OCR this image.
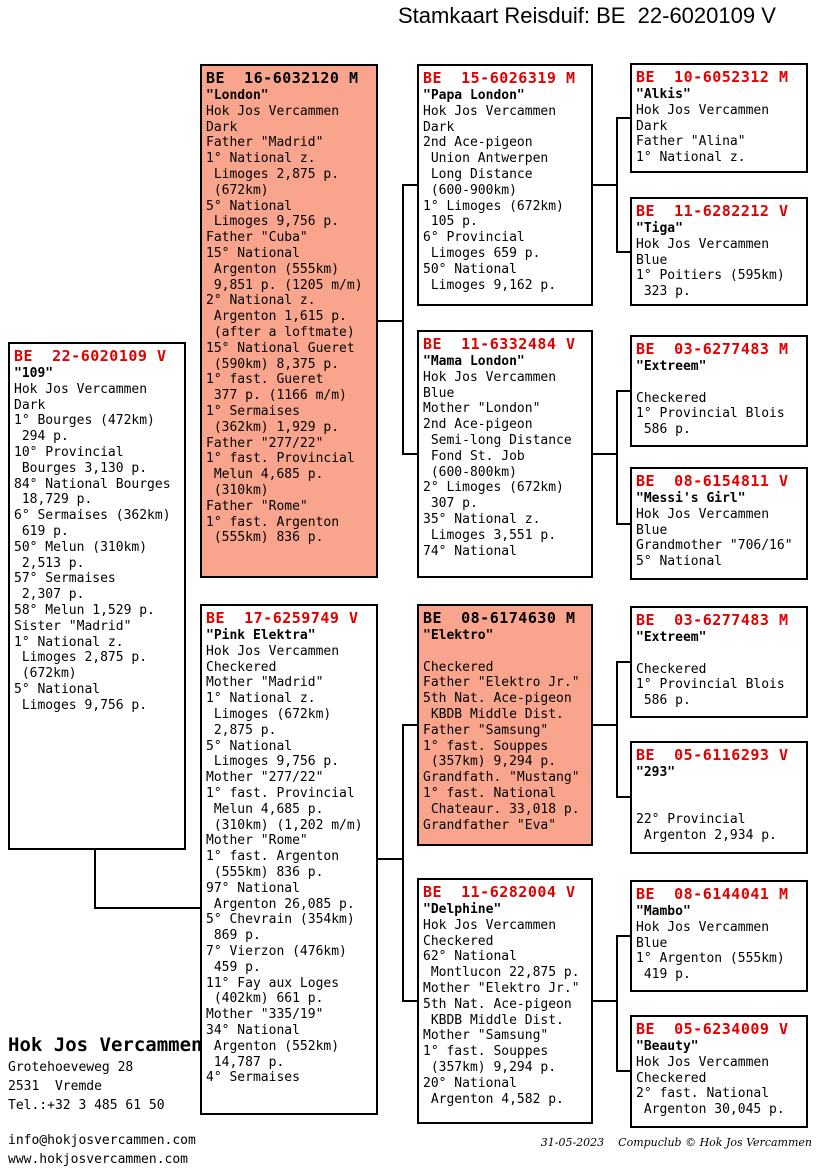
Stamkaart Reisduif: BE  22-6020109 V
BE  22-6020109 V
"109"
Hok Jos Vercammen
Dark
1° Bourges (472km)
294 p.
10° Provincial
Bourges 3,130 p.
84° National Bourges
18,729 p.
6° Sermaises (362km)
619 p.
50° Melun (310km)
2,513 p.
57° Sermaises
2,307 p.
58° Melun 1,529 p.
Sister "Madrid"
1° National z.
Limoges 2,875 p.
(672km)
5° National
Limoges 9,756 p.
BE  16-6032120 M
"London"
Hok Jos Vercammen
Dark
Father "Madrid"
1° National z.
Limoges 2,875 p.
(672km)
5° National
Limoges 9,756 p.
Father "Cuba"
15° National
Argenton (555km)
9,851 p. (1205 m/m)
2° National z.
Argenton 1,615 p.
(after a loftmate)
15° National Gueret
(590km) 8,375 p.
1° fast. Gueret
377 p. (1166 m/m)
1° Sermaises
(362km) 1,929 p.
Father "277/22"
1° fast. Provincial
Melun 4,685 p.
(310km)
Father "Rome"
1° fast. Argenton
(555km) 836 p.
BE  17-6259749 V
"Pink Elektra"
Hok Jos Vercammen
Checkered
Mother "Madrid"
1° National z.
Limoges (672km)
2,875 p.
5° National
Limoges 9,756 p.
Mother "277/22"
1° fast. Provincial
Melun 4,685 p.
(310km) (1,202 m/m)
Mother "Rome"
1° fast. Argenton
(555km) 836 p.
97° National
Argenton 26,085 p.
5° Chevrain (354km)
869 p.
7° Vierzon (476km)
459 p.
11° Fay aux Loges
(402km) 661 p.
Mother "335/19"
34° National
Argenton (552km)
14,787 p.
4° Sermaises
BE  15-6026319 M
"Papa London"
Hok Jos Vercammen
Dark
2nd Ace-pigeon
Union Antwerpen
Long Distance
(600-900km)
1° Limoges (672km)
105 p.
6° Provincial
Limoges 659 p.
50° National
Limoges 9,162 p.
BE  11-6332484 V
"Mama London"
Hok Jos Vercammen
Blue
Mother "London"
2nd Ace-pigeon
Semi-long Distance
Fond St. Job
(600-800km)
2° Limoges (672km)
307 p.
35° National z.
Limoges 3,551 p.
74° National
BE  08-6174630 M
"Elektro"

Checkered
Father "Elektro Jr."
5th Nat. Ace-pigeon
KBDB Middle Dist.
Father "Samsung"
1° fast. Souppes
(357km) 9,294 p.
Grandfath. "Mustang"
1° fast. National
Chateaur. 33,018 p.
Grandfather "Eva"
BE  11-6282004 V
"Delphine"
Hok Jos Vercammen
Checkered
62° National
Montlucon 22,875 p.
Mother "Elektro Jr."
5th Nat. Ace-pigeon
KBDB Middle Dist.
Mother "Samsung"
1° fast. Souppes
(357km) 9,294 p.
20° National
Argenton 4,582 p.
BE  10-6052312 M
"Alkis"
Hok Jos Vercammen
Dark
Father "Alina"
1° National z.
BE  11-6282212 V
"Tiga"
Hok Jos Vercammen
Blue
1° Poitiers (595km)
323 p.
BE  03-6277483 M
"Extreem"

Checkered
1° Provincial Blois
586 p.
BE  08-6154811 V
"Messi's Girl"
Hok Jos Vercammen
Blue
Grandmother "706/16"
5° National
BE  03-6277483 M
"Extreem"

Checkered
1° Provincial Blois
586 p.
BE  05-6116293 V
"293"

22° Provincial
Argenton 2,934 p.
BE  08-6144041 M
"Mambo"
Hok Jos Vercammen
Blue
1° Argenton (555km)
419 p.
BE  05-6234009 V
"Beauty"
Hok Jos Vercammen
Checkered
2° fast. National
Argenton 30,045 p.
Hok Jos Vercammen
Grotehoeveweg 28
2531  Vremde
Tel.:+32 3 485 61 50
info@hokjosvercammen.com
www.hokjosvercammen.com
31-05-2023 Compuclub © Hok Jos Vercammen
